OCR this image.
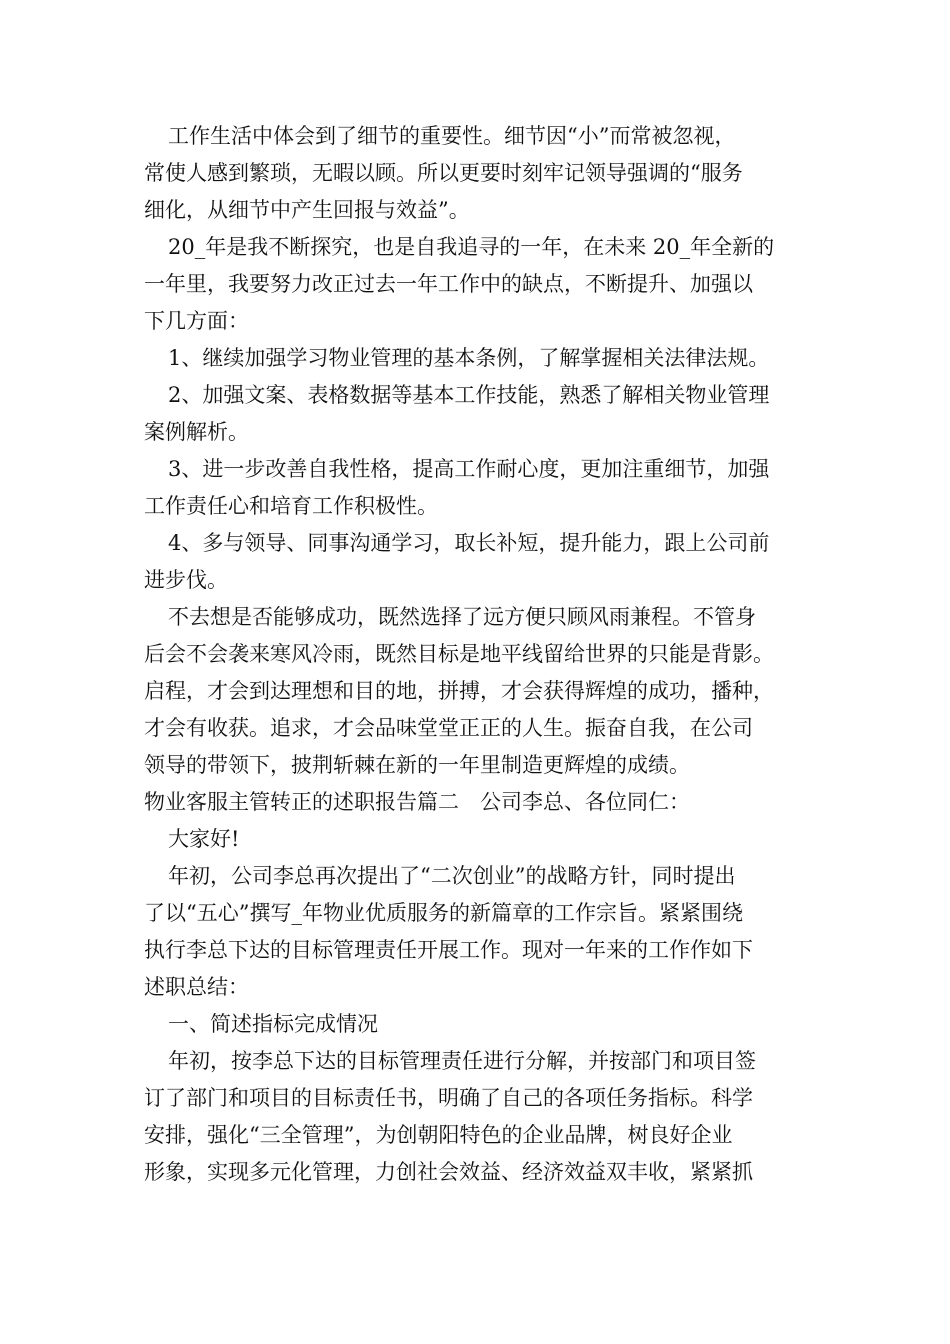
工作生活中体会到了细节的重要性。细节因“小”而常被忽视，
常使人感到繁琐，无暇以顾。所以更要时刻牢记领导强调的“服务
细化，从细节中产生回报与效益”。
20_年是我不断探究，也是自我追寻的一年，在未来 20_年全新的
一年里，我要努力改正过去一年工作中的缺点，不断提升、加强以
下几方面：
1、继续加强学习物业管理的基本条例，了解掌握相关法律法规。
2、加强文案、表格数据等基本工作技能，熟悉了解相关物业管理
案例解析。
3、进一步改善自我性格，提高工作耐心度，更加注重细节，加强
工作责任心和培育工作积极性。
4、多与领导、同事沟通学习，取长补短，提升能力，跟上公司前
进步伐。
不去想是否能够成功，既然选择了远方便只顾风雨兼程。不管身
后会不会袭来寒风冷雨，既然目标是地平线留给世界的只能是背影。
启程，才会到达理想和目的地，拼搏，才会获得辉煌的成功，播种，
才会有收获。追求，才会品味堂堂正正的人生。振奋自我，在公司
领导的带领下，披荆斩棘在新的一年里制造更辉煌的成绩。
物业客服主管转正的述职报告篇二　公司李总、各位同仁：
大家好!
年初，公司李总再次提出了“二次创业”的战略方针，同时提出
了以“五心”撰写_年物业优质服务的新篇章的工作宗旨。紧紧围绕
执行李总下达的目标管理责任开展工作。现对一年来的工作作如下
述职总结：
一、简述指标完成情况
年初，按李总下达的目标管理责任进行分解，并按部门和项目签
订了部门和项目的目标责任书，明确了自己的各项任务指标。科学
安排，强化“三全管理”，为创朝阳特色的企业品牌，树良好企业
形象，实现多元化管理，力创社会效益、经济效益双丰收，紧紧抓
